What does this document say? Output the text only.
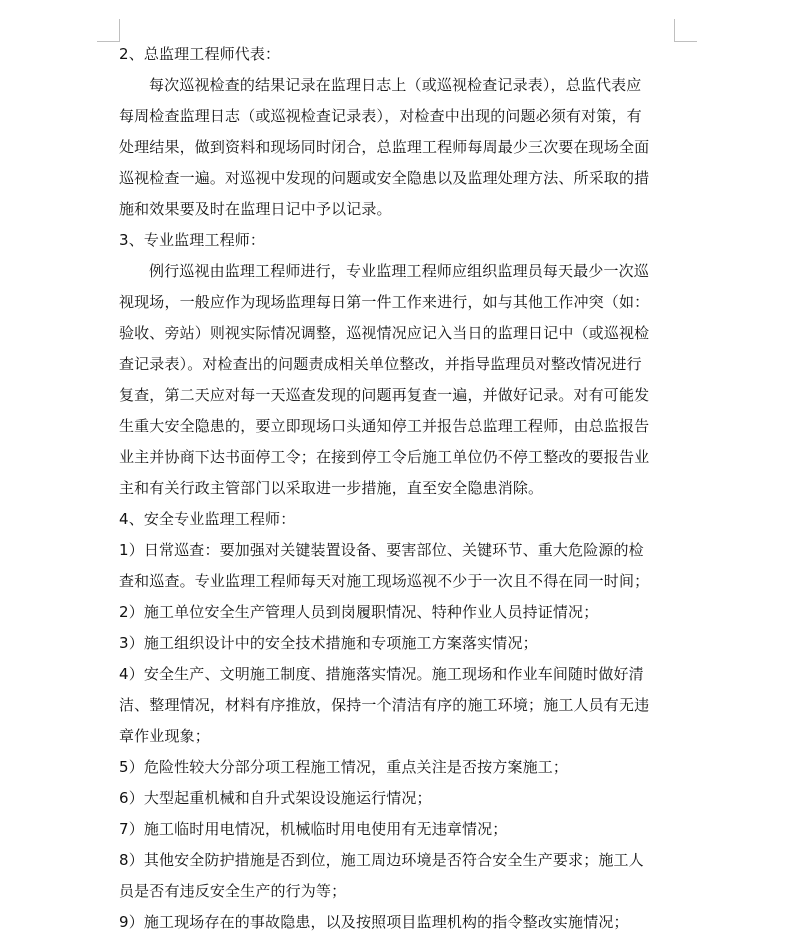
2、总监理工程师代表：
每次巡视检查的结果记录在监理日志上（或巡视检查记录表），总监代表应
每周检查监理日志（或巡视检查记录表），对检查中出现的问题必须有对策，有
处理结果，做到资料和现场同时闭合，总监理工程师每周最少三次要在现场全面
巡视检查一遍。对巡视中发现的问题或安全隐患以及监理处理方法、所采取的措
施和效果要及时在监理日记中予以记录。
3、专业监理工程师：
例行巡视由监理工程师进行，专业监理工程师应组织监理员每天最少一次巡
视现场，一般应作为现场监理每日第一件工作来进行，如与其他工作冲突（如：
验收、旁站）则视实际情况调整，巡视情况应记入当日的监理日记中（或巡视检
查记录表）。对检查出的问题责成相关单位整改，并指导监理员对整改情况进行
复查，第二天应对每一天巡查发现的问题再复查一遍，并做好记录。对有可能发
生重大安全隐患的，要立即现场口头通知停工并报告总监理工程师，由总监报告
业主并协商下达书面停工令；在接到停工令后施工单位仍不停工整改的要报告业
主和有关行政主管部门以采取进一步措施，直至安全隐患消除。
4、安全专业监理工程师：
1）日常巡查：要加强对关键装置设备、要害部位、关键环节、重大危险源的检
查和巡查。专业监理工程师每天对施工现场巡视不少于一次且不得在同一时间；
2）施工单位安全生产管理人员到岗履职情况、特种作业人员持证情况；
3）施工组织设计中的安全技术措施和专项施工方案落实情况；
4）安全生产、文明施工制度、措施落实情况。施工现场和作业车间随时做好清
洁、整理情况，材料有序推放，保持一个清洁有序的施工环境；施工人员有无违
章作业现象；
5）危险性较大分部分项工程施工情况，重点关注是否按方案施工；
6）大型起重机械和自升式架设设施运行情况；
7）施工临时用电情况，机械临时用电使用有无违章情况；
8）其他安全防护措施是否到位，施工周边环境是否符合安全生产要求；施工人
员是否有违反安全生产的行为等；
9）施工现场存在的事故隐患，以及按照项目监理机构的指令整改实施情况；
